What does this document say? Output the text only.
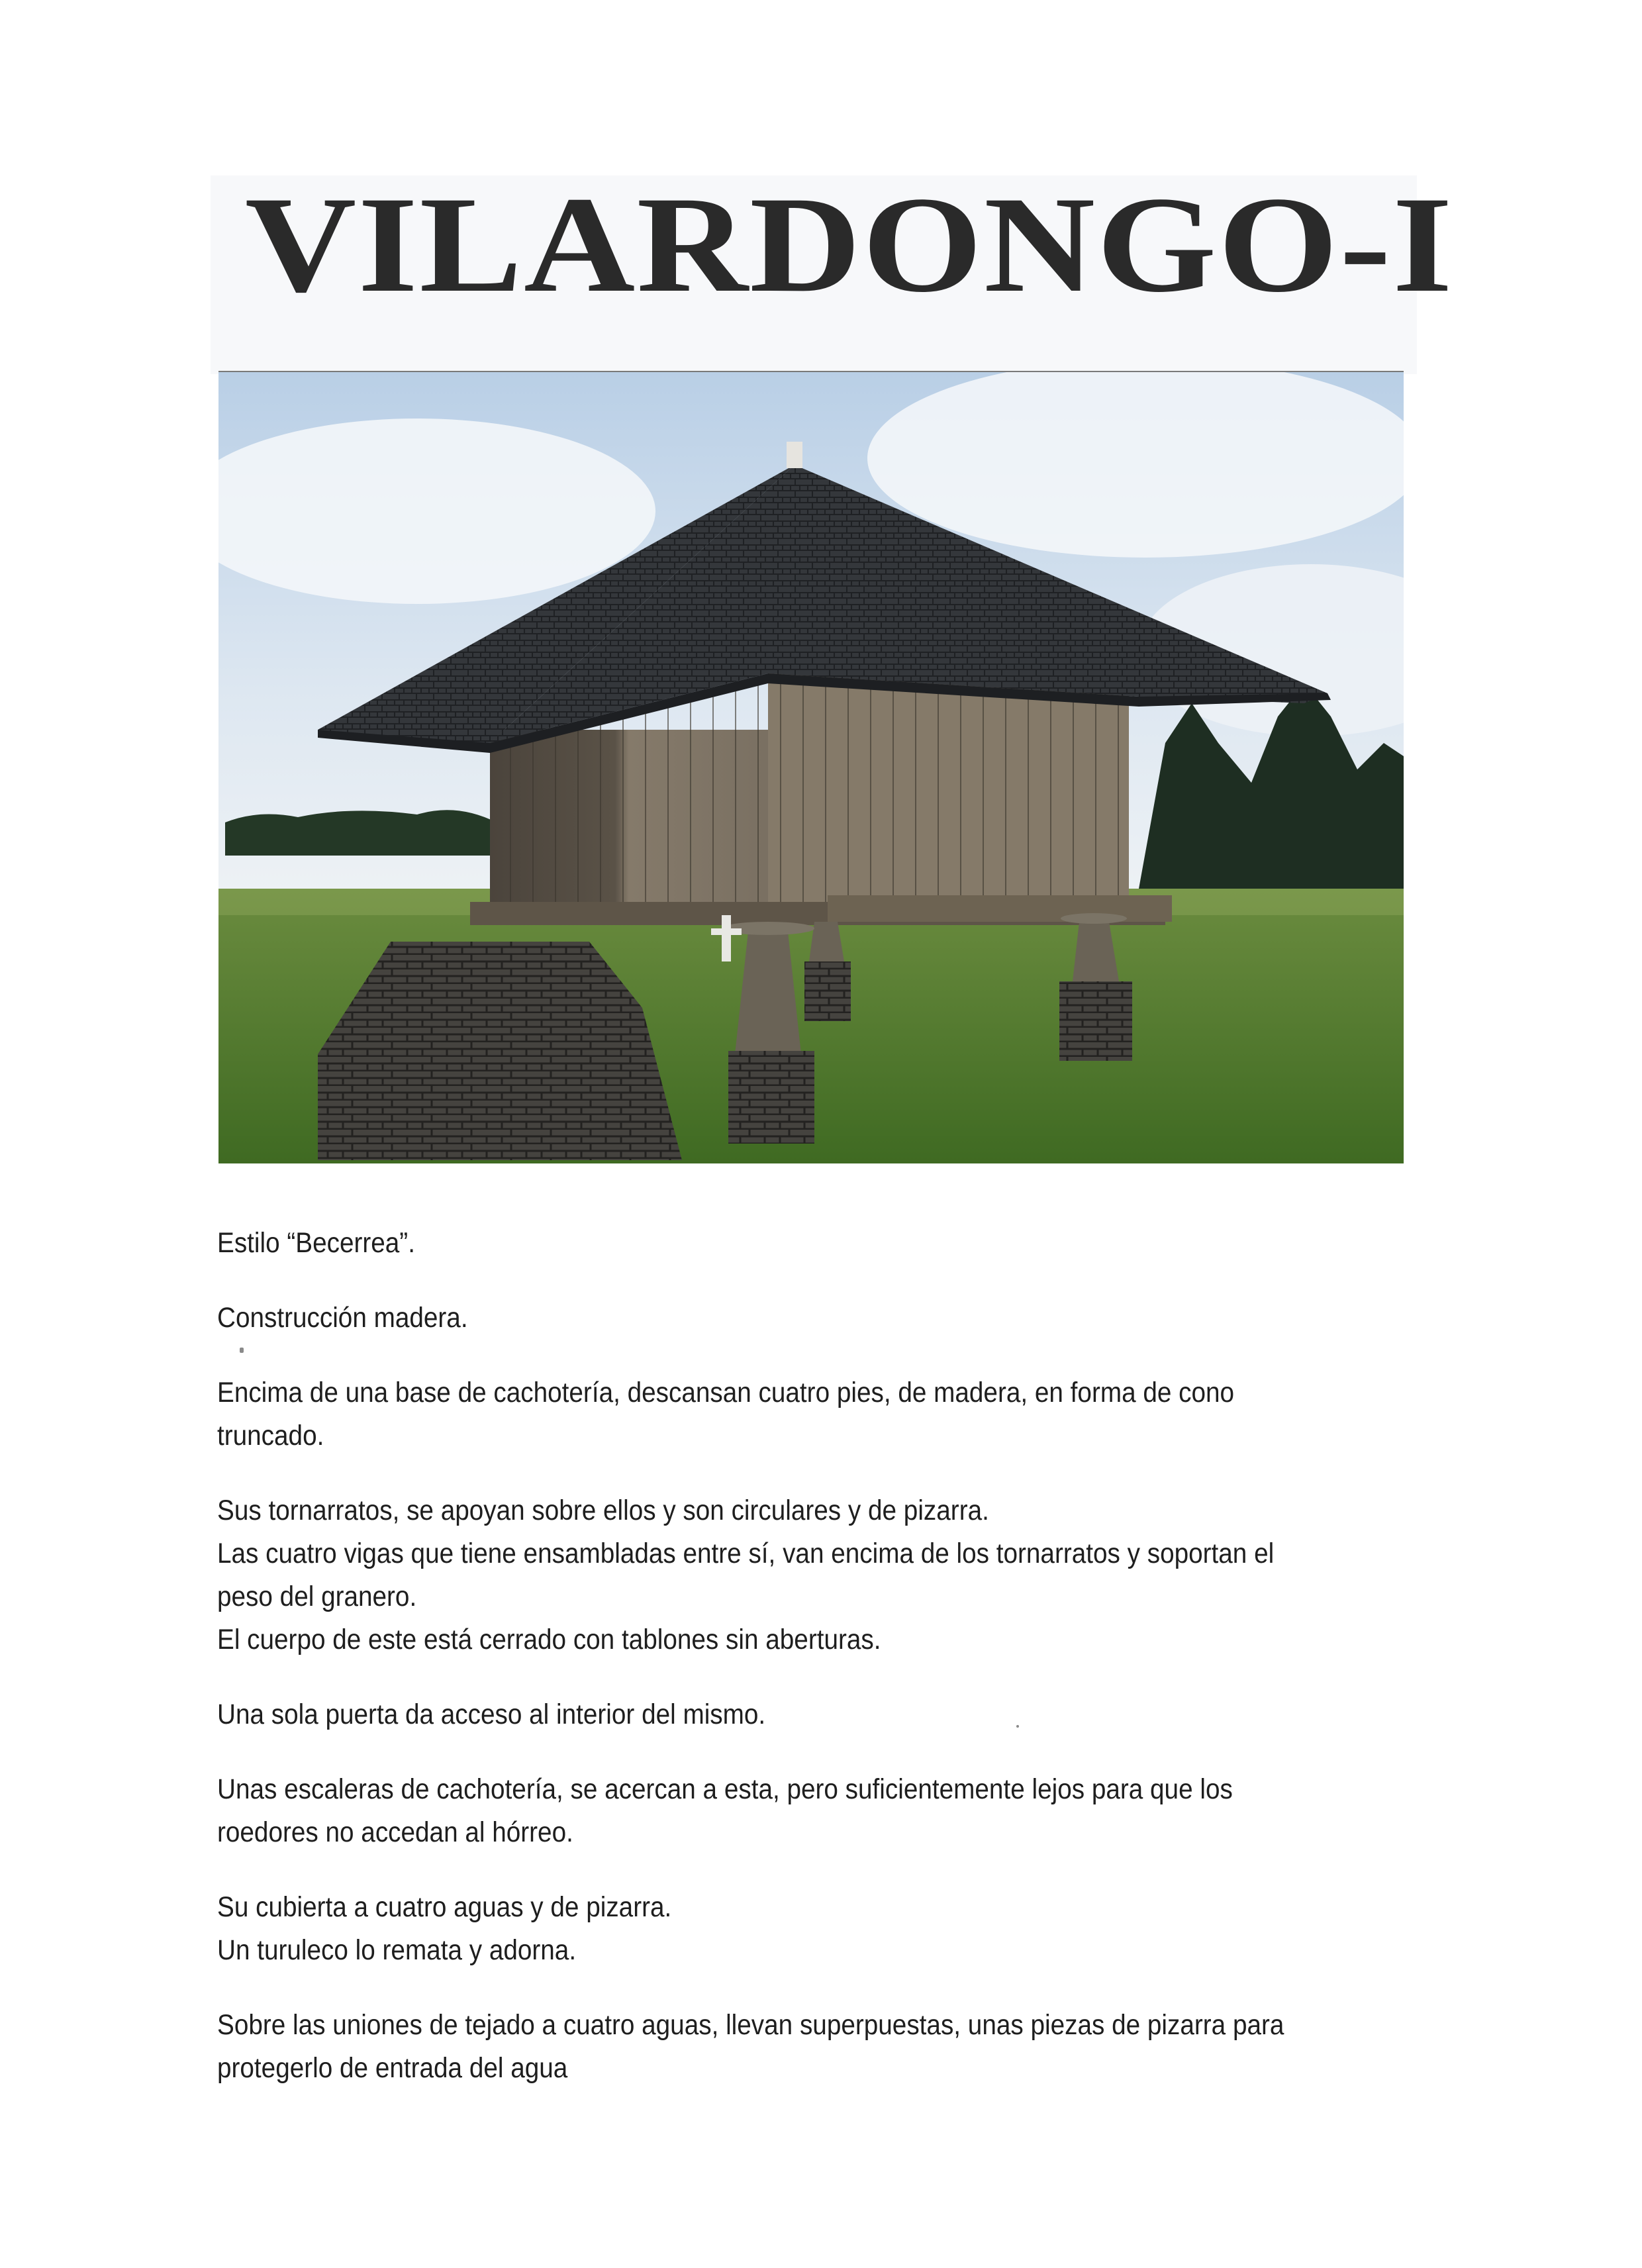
VILARDONGO-I

Estilo “Becerrea”.

Construcción madera.

Encima de una base de cachotería, descansan cuatro pies, de madera, en forma de cono truncado.

Sus tornarratos, se apoyan sobre ellos y son circulares y de pizarra.
Las cuatro vigas que tiene ensambladas entre sí, van encima de los tornarratos y soportan el peso del granero.
El cuerpo de este está cerrado con tablones sin aberturas.

Una sola puerta da acceso al interior del mismo.

Unas escaleras de cachotería, se acercan a esta, pero suficientemente lejos para que los roedores no accedan al hórreo.

Su cubierta a cuatro aguas y de pizarra.
Un turuleco lo remata y adorna.

Sobre las uniones de tejado a cuatro aguas, llevan superpuestas, unas piezas de pizarra para protegerlo de entrada del agua
